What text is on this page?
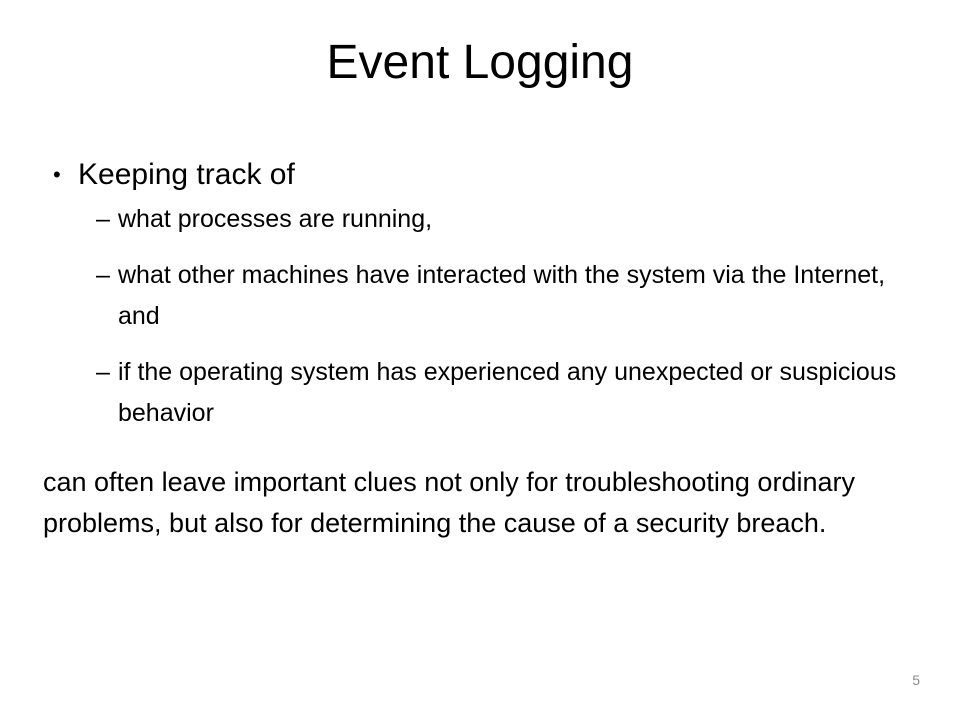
Event Logging
• Keeping track of
– what processes are running,
– what other machines have interacted with the system via the Internet, and
– if the operating system has experienced any unexpected or suspicious behavior
can often leave important clues not only for troubleshooting ordinary problems, but also for determining the cause of a security breach.
5
